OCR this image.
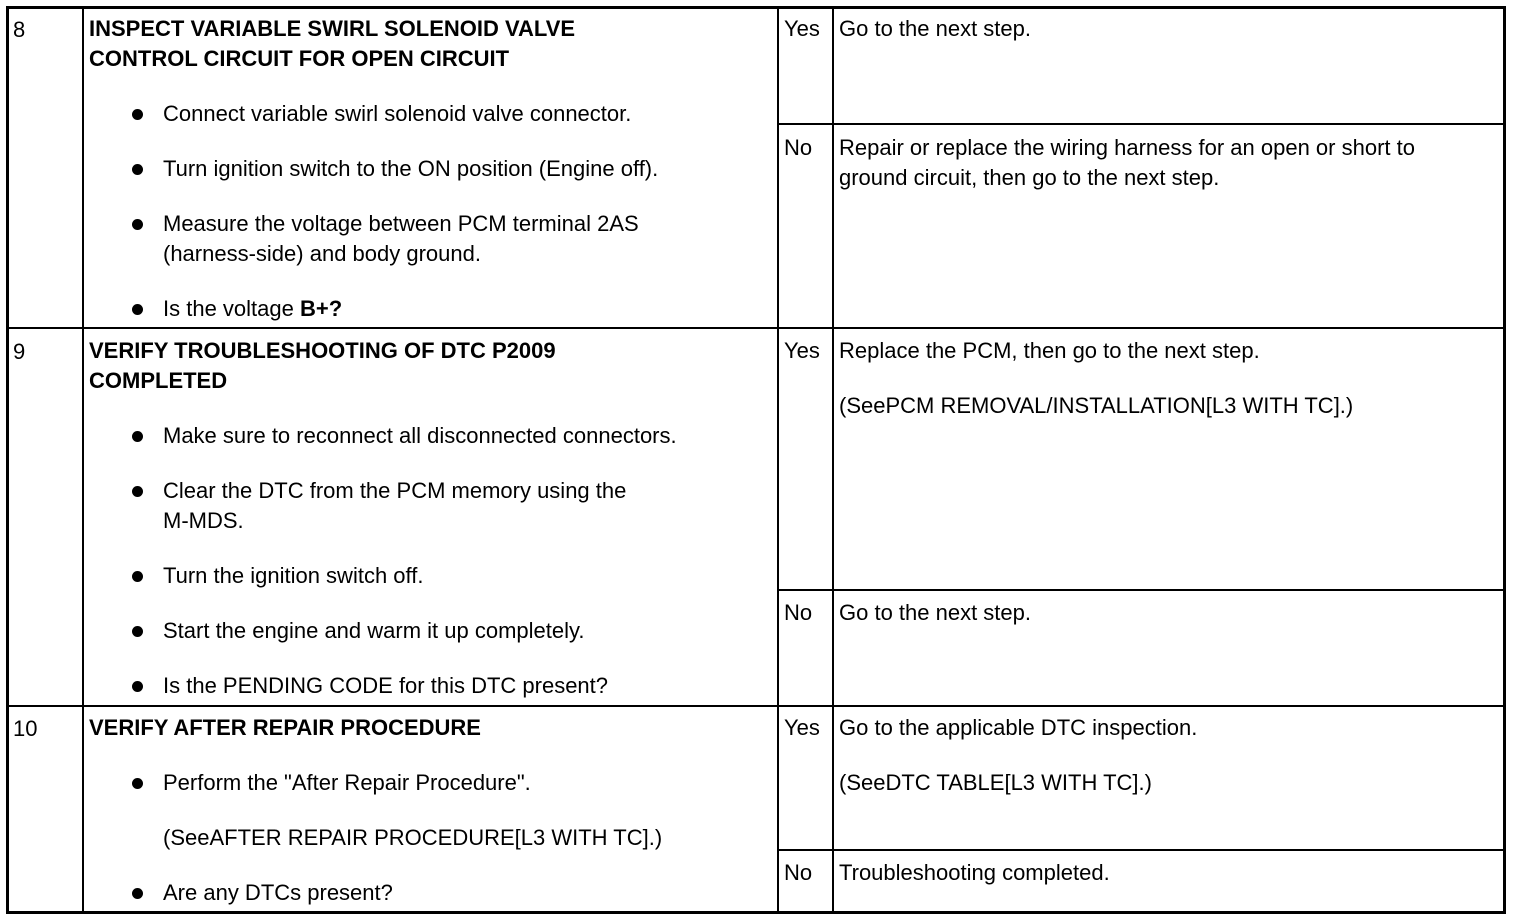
8	INSPECT VARIABLE SWIRL SOLENOID VALVE
CONTROL CIRCUIT FOR OPEN CIRCUIT
Connect variable swirl solenoid valve connector.
Turn ignition switch to the ON position (Engine off).
Measure the voltage between PCM terminal 2AS
(harness-side) and body ground.
Is the voltage B+?
Yes Go to the next step.
No Repair or replace the wiring harness for an open or short to
ground circuit, then go to the next step.
9	VERIFY TROUBLESHOOTING OF DTC P2009
COMPLETED
Make sure to reconnect all disconnected connectors.
Clear the DTC from the PCM memory using the
M-MDS.
Turn the ignition switch off.
Start the engine and warm it up completely.
Is the PENDING CODE for this DTC present?
Yes Replace the PCM, then go to the next step.
(SeePCM REMOVAL/INSTALLATION[L3 WITH TC].)
No Go to the next step.
10 VERIFY AFTER REPAIR PROCEDURE
Perform the "After Repair Procedure".
(SeeAFTER REPAIR PROCEDURE[L3 WITH TC].)
Are any DTCs present?
Yes Go to the applicable DTC inspection.
(SeeDTC TABLE[L3 WITH TC].)
No Troubleshooting completed.
